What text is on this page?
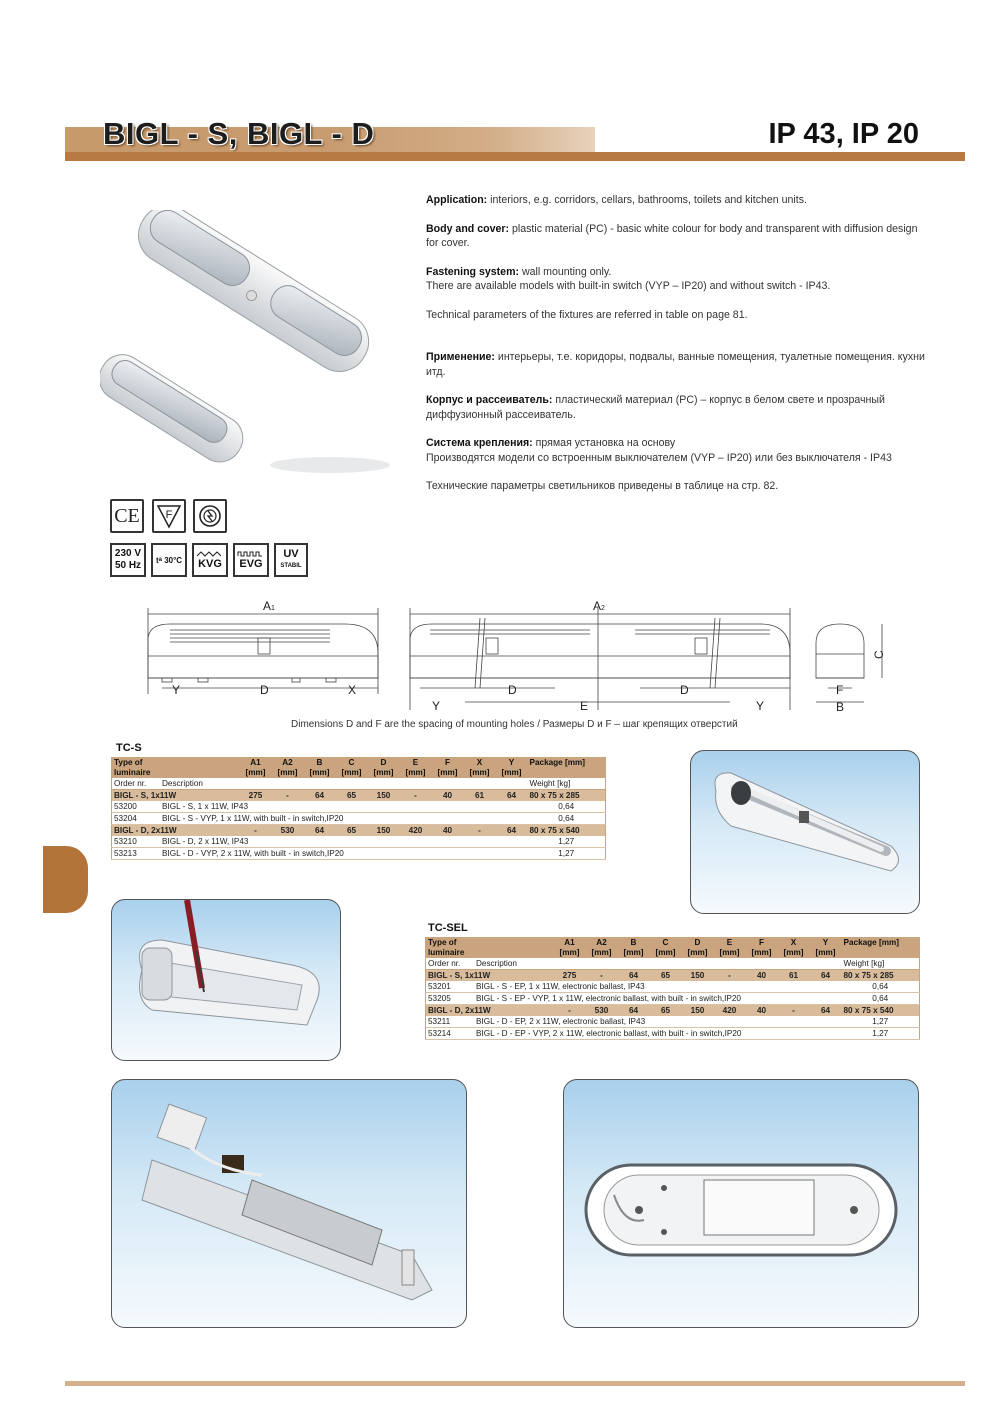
BIGL - S, BIGL - D	IP 43, IP 20

Application: interiors, e.g. corridors, cellars, bathrooms, toilets and kitchen units.

Body and cover: plastic material (PC) - basic white colour for body and transparent with diffusion design for cover.

Fastening system: wall mounting only.

There are available models with built-in switch (VYP – IP20) and without switch - IP43.

Technical parameters of the fixtures are referred in table on page 81.

Применение: интерьеры, т.е. коридоры, подвалы, ванные помещения, туалетные помещения. кухни итд.

Корпус и рассеиватель: пластический материал (PC) – корпус в белом свете и прозрачный диффузионный рассеиватель.

Система крепления: прямая установка на основу

Производятся модели со встроенным выключателем (VYP – IP20) или без выключателя - IP43

Технические параметры светильников приведены в таблице на стр. 82.

CE F
230 V
50 Hz t a
30°C KVG EVG
UV
STABIL
A1
Y	D	X
A2
Y
D
E
D
Y
C
F
B
Dimensions D and F are the spacing of mounting holes / Размеры D и F – шаг крепящих отверстий
TC-S
Type of	A1	A2	B	C	D	E	F	X	Y	Package [mm]
luminaire	[mm]	[mm]	[mm]	[mm]	[mm]	[mm]	[mm]	[mm]	[mm]	
Order nr. Description										Weight [kg]
BIGL - S, 1x11W	275	-	64	65	150	-	40	61	64	80 x 75 x 285
53200 BIGL - S, 1 x 11W, IP43										0,64
53204 BIGL - S - VYP, 1 x 11W, with built - in switch,IP20										0,64
BIGL - D, 2x11W	-	530	64	65	150	420	40	-	64	80 x 75 x 540
53210 BIGL - D, 2 x 11W, IP43										1,27
53213 BIGL - D - VYP, 2 x 11W, with built - in switch,IP20										1,27
TC-SEL
Type of	A1	A2	B	C	D	E	F	X	Y	Package [mm]
luminaire	[mm]	[mm]	[mm]	[mm]	[mm]	[mm]	[mm]	[mm]	[mm]	
Order nr. Description										Weight [kg]
BIGL - S, 1x11W	275	-	64	65	150	-	40	61	64	80 x 75 x 285
53201 BIGL - S - EP, 1 x 11W, electronic ballast, IP43										0,64
53205 BIGL - S - EP - VYP, 1 x 11W, electronic ballast, with built - in switch,IP20										0,64
BIGL - D, 2x11W	-	530	64	65	150	420	40	-	64	80 x 75 x 540
53211 BIGL - D - EP, 2 x 11W, electronic ballast, IP43										1,27
53214 BIGL - D - EP - VYP, 2 x 11W, electronic ballast, with built - in switch,IP20										1,27
